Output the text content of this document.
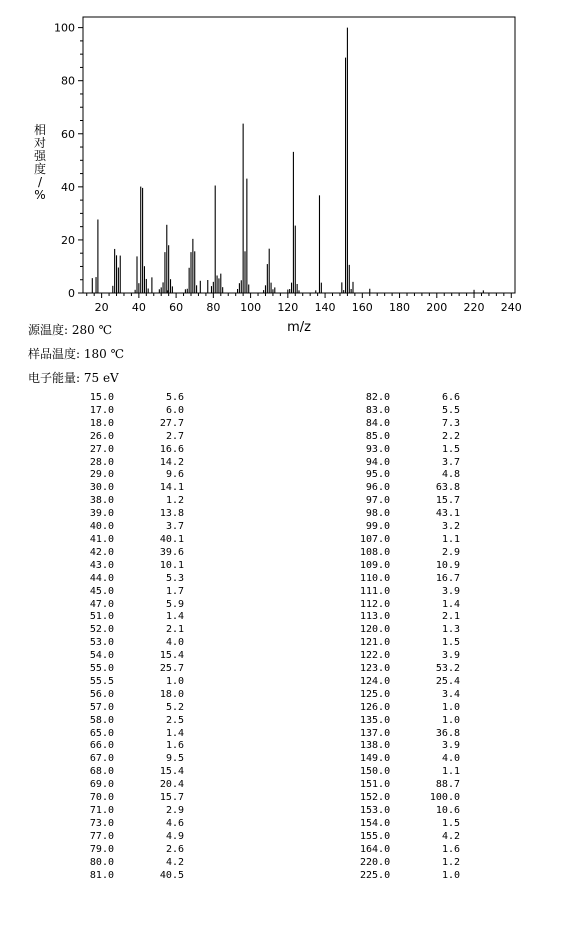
0
20
40
60
80
100
20 40 60 80 100 120 140 160 180 200 220 240
m/z
相
对
强
度
/
%
源温度: 280 ℃
样品温度: 180 ℃
电子能量: 75 eV
15.0	5.6
17.0	6.0
18.0	27.7
26.0	2.7
27.0	16.6
28.0	14.2
29.0	9.6
30.0	14.1
38.0	1.2
39.0	13.8
40.0	3.7
41.0	40.1
42.0	39.6
43.0	10.1
44.0	5.3
45.0	1.7
47.0	5.9
51.0	1.4
52.0	2.1
53.0	4.0
54.0	15.4
55.0	25.7
55.5	1.0
56.0	18.0
57.0	5.2
58.0	2.5
65.0	1.4
66.0	1.6
67.0	9.5
68.0	15.4
69.0	20.4
70.0	15.7
71.0	2.9
73.0	4.6
77.0	4.9
79.0	2.6
80.0	4.2
81.0	40.5
82.0	6.6
83.0	5.5
84.0	7.3
85.0	2.2
93.0	1.5
94.0	3.7
95.0	4.8
96.0	63.8
97.0	15.7
98.0	43.1
99.0	3.2
107.0	1.1
108.0	2.9
109.0	10.9
110.0	16.7
111.0	3.9
112.0	1.4
113.0	2.1
120.0	1.3
121.0	1.5
122.0	3.9
123.0	53.2
124.0	25.4
125.0	3.4
126.0	1.0
135.0	1.0
137.0	36.8
138.0	3.9
149.0	4.0
150.0	1.1
151.0	88.7
152.0	100.0
153.0	10.6
154.0	1.5
155.0	4.2
164.0	1.6
220.0	1.2
225.0	1.0
